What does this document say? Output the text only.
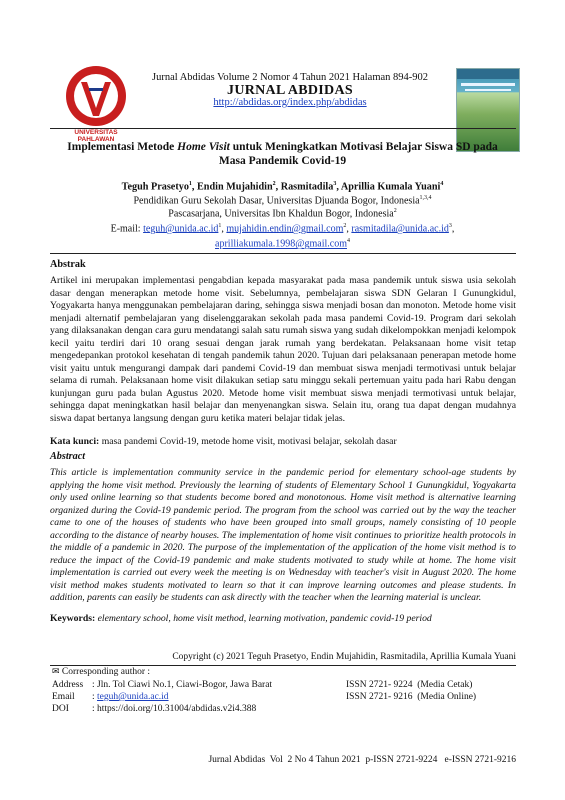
UNIVERSITAS
PAHLAWAN
Jurnal Abdidas Volume 2 Nomor 4 Tahun 2021 Halaman 894-902
JURNAL ABDIDAS
http://abdidas.org/index.php/abdidas
Implementasi Metode Home Visit untuk Meningkatkan Motivasi Belajar Siswa SD pada Masa Pandemik Covid-19
Teguh Prasetyo$^1$, Endin Mujahidin$^2$, Rasmitadila$^3$, Aprillia Kumala Yuani$^4$
Pendidikan Guru Sekolah Dasar, Universitas Djuanda Bogor, Indonesia$^{1,3,4}$
Pascasarjana, Universitas Ibn Khaldun Bogor, Indonesia$^2$
E-mail: $teguh@unida.ac.id^1$, mujahidin.endin@gmail.com$^2$, $rasmitadila@unida.ac.id^3$,
aprilliakumala.1998@gmail.com$^4$
Abstrak
Artikel ini merupakan implementasi pengabdian kepada masyarakat pada masa pandemik untuk siswa usia sekolah dasar dengan menerapkan metode home visit. Sebelumnya, pembelajaran siswa SDN Gelaran I Gunungkidul, Yogyakarta hanya menggunakan pembelajaran daring, sehingga siswa menjadi bosan dan monoton. Metode home visit menjadi alternatif pembelajaran yang diselenggarakan sekolah pada masa pandemi Covid-19. Program dari sekolah yang dilaksanakan dengan cara guru mendatangi salah satu rumah siswa yang sudah dikelompokkan menjadi kelompok kecil yaitu terdiri dari 10 orang sesuai dengan jarak rumah yang berdekatan. Pelaksanaan home visit tetap mengedepankan protokol kesehatan di tengah pandemik tahun 2020. Tujuan dari pelaksanaan penerapan metode home visit yaitu untuk mengurangi dampak dari pandemi Covid-19 dan membuat siswa menjadi termotivasi untuk belajar selama di rumah. Pelaksanaan home visit dilakukan setiap satu minggu sekali pertemuan yaitu pada hari Rabu dengan kunjungan guru pada bulan Agustus 2020. Metode home visit membuat siswa menjadi termotivasi untuk belajar, sehingga dapat meningkatkan hasil belajar dan menyenangkan siswa. Selain itu, orang tua dapat dengan mudahnya siswa dapat bertanya langsung dengan guru ketika materi belajar tidak jelas.
Kata kunci: masa pandemi Covid-19, metode home visit, motivasi belajar, sekolah dasar
Abstract
This article is implementation community service in the pandemic period for elementary school-age students by applying the home visit method. Previously the learning of students of Elementary School 1 Gunungkidul, Yogyakarta only used online learning so that students become bored and monotonous. Home visit method is alternative learning organized during the Covid-19 pandemic period. The program from the school was carried out by the way the teacher came to one of the houses of students who have been grouped into small groups, namely consisting of 10 people according to the distance of nearby houses. The implementation of home visit continues to prioritize health protocols in the middle of a pandemic in 2020. The purpose of the implementation of the application of the home visit method is to reduce the impact of the Covid-19 pandemic and make students motivated to study while at home. The home visit implementation is carried out every week the meeting is on Wednesday with teacher's visit in August 2020. The home visit method makes students motivated to learn so that it can improve learning outcomes and please students. In addition, parents can easily be students can ask directly with the teacher when the learning material is unclear.
Keywords: elementary school, home visit method, learning motivation, pandemic covid-19 period
Copyright (c) 2021 Teguh Prasetyo, Endin Mujahidin, Rasmitadila, Aprillia Kumala Yuani
✉ Corresponding author :
Address : Jln. Tol Ciawi No.1, Ciawi-Bogor, Jawa Barat
Email : teguh@unida.ac.id
DOI : https://doi.org/10.31004/abdidas.v2i4.388
ISSN 2721- 9224  (Media Cetak)
ISSN 2721- 9216  (Media Online)
Jurnal Abdidas  Vol  2 No 4 Tahun 2021  p-ISSN 2721-9224   e-ISSN 2721-9216
